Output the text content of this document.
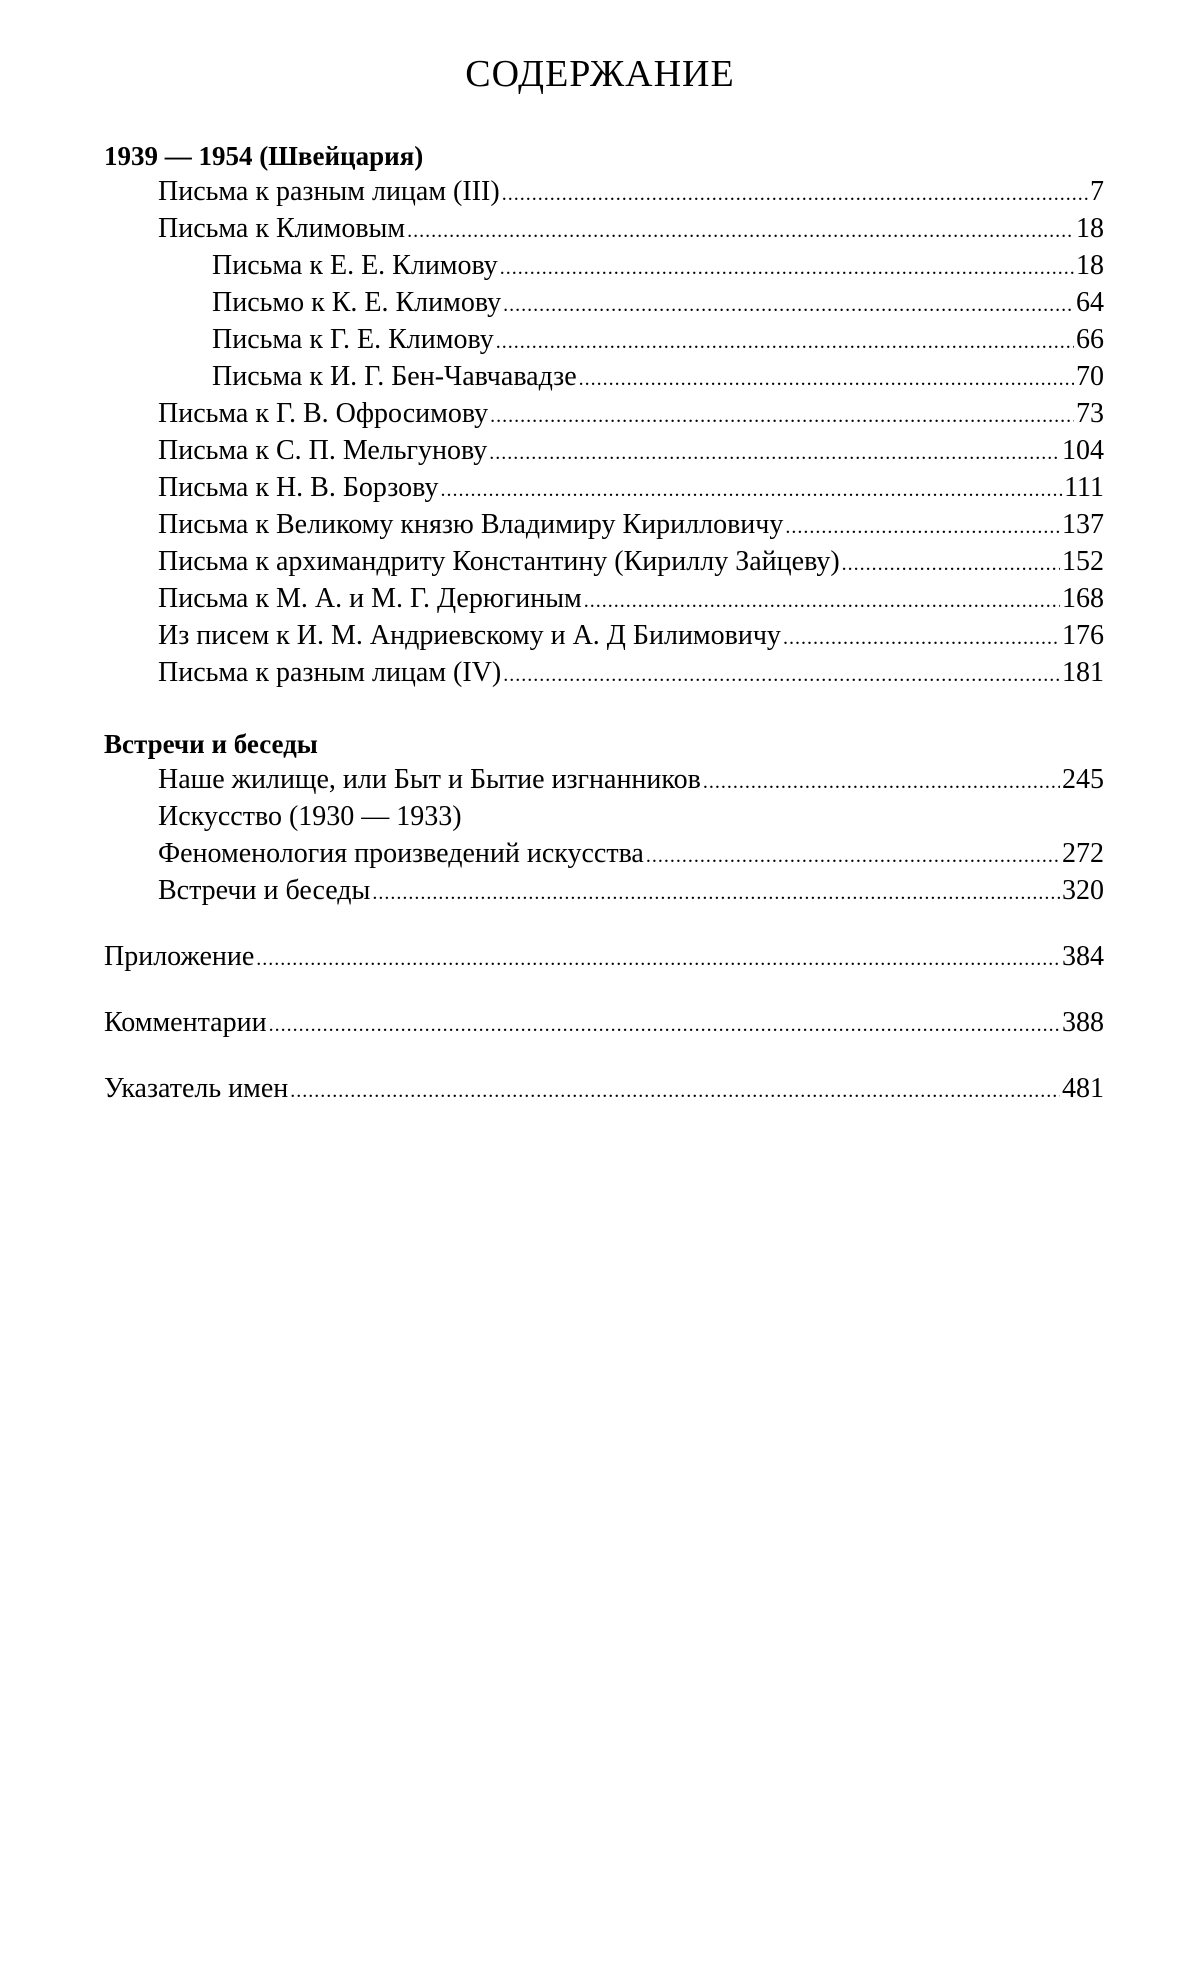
СОДЕРЖАНИЕ
1939 — 1954 (Швейцария)
Письма к разным лицам (III) .....	7
Письма к Климовым .....	18
Письма к Е. Е. Климову .....	18
Письмо к К. Е. Климову .....	64
Письма к Г. Е. Климову .....	66
Письма к И. Г. Бен-Чавчавадзе .....	70
Письма к Г. В. Офросимову .....	73
Письма к С. П. Мельгунову .....	104
Письма к Н. В. Борзову .....	111
Письма к Великому князю Владимиру Кирилловичу .....	137
Письма к архимандриту Константину (Кириллу Зайцеву) .....	152
Письма к М. А. и М. Г. Дерюгиным .....	168
Из писем к И. М. Андриевскому и А. Д Билимовичу .....	176
Письма к разным лицам (IV) .....	181
Встречи и беседы
Наше жилище, или Быт и Бытие изгнанников .....	245
Искусство (1930 — 1933)
Феноменология произведений искусства .....	272
Встречи и беседы .....	320
Приложение .....	384
Комментарии .....	388
Указатель имен .....	481
